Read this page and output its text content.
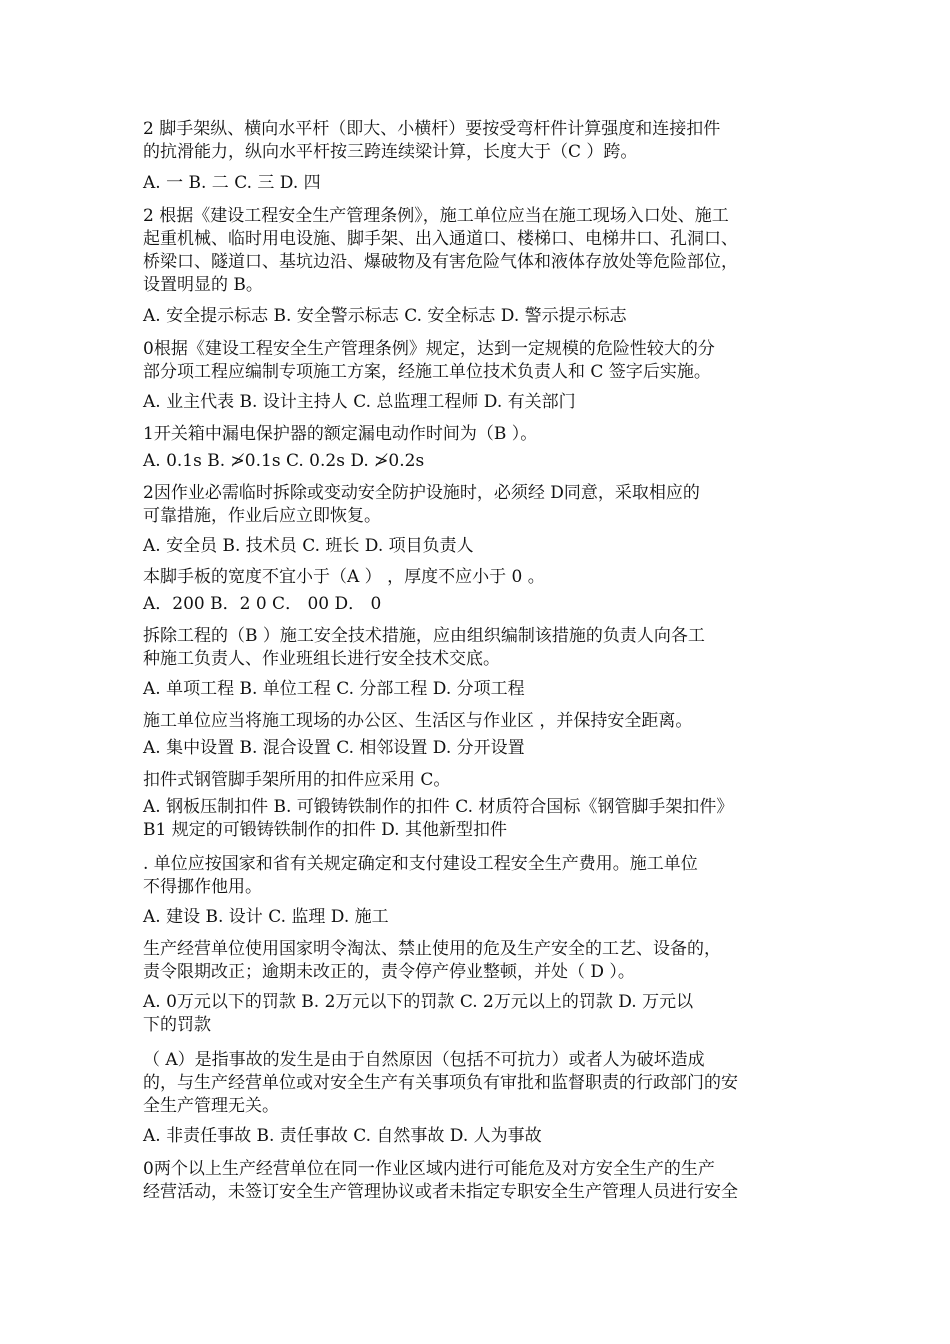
2 脚手架纵、横向水平杆（即大、小横杆）要按受弯杆件计算强度和连接扣件
的抗滑能力，纵向水平杆按三跨连续梁计算，长度大于（C ）跨。
A. 一 B. 二 C. 三 D. 四
2 根据《建设工程安全生产管理条例》，施工单位应当在施工现场入口处、施工
起重机械、临时用电设施、脚手架、出入通道口、楼梯口、电梯井口、孔洞口、
桥梁口、隧道口、基坑边沿、爆破物及有害危险气体和液体存放处等危险部位，
设置明显的 B。
A. 安全提示标志 B. 安全警示标志 C. 安全标志 D. 警示提示标志
0根据《建设工程安全生产管理条例》规定，达到一定规模的危险性较大的分
部分项工程应编制专项施工方案，经施工单位技术负责人和 C 签字后实施。
A. 业主代表 B. 设计主持人 C. 总监理工程师 D. 有关部门
1开关箱中漏电保护器的额定漏电动作时间为（B ）。
A. 0.1s B. ≯0.1s C. 0.2s D. ≯0.2s
2因作业必需临时拆除或变动安全防护设施时，必须经 D同意，采取相应的
可靠措施，作业后应立即恢复。
A. 安全员 B. 技术员 C. 班长 D. 项目负责人
本脚手板的宽度不宜小于（A ） ，厚度不应小于 0 。
A．200 B．2 0 C． 00 D． 0
拆除工程的（B ）施工安全技术措施，应由组织编制该措施的负责人向各工
种施工负责人、作业班组长进行安全技术交底。
A. 单项工程 B. 单位工程 C. 分部工程 D. 分项工程
施工单位应当将施工现场的办公区、生活区与作业区 ，并保持安全距离。
A. 集中设置 B. 混合设置 C. 相邻设置 D. 分开设置
扣件式钢管脚手架所用的扣件应采用 C。
A. 钢板压制扣件 B. 可锻铸铁制作的扣件 C. 材质符合国标《钢管脚手架扣件》
B1 规定的可锻铸铁制作的扣件 D. 其他新型扣件
. 单位应按国家和省有关规定确定和支付建设工程安全生产费用。施工单位
不得挪作他用。
A. 建设 B. 设计 C. 监理 D. 施工
生产经营单位使用国家明令淘汰、禁止使用的危及生产安全的工艺、设备的，
责令限期改正；逾期未改正的，责令停产停业整顿，并处（ D ）。
A. 0万元以下的罚款 B. 2万元以下的罚款 C. 2万元以上的罚款 D. 万元以
下的罚款
（ A）是指事故的发生是由于自然原因（包括不可抗力）或者人为破坏造成
的，与生产经营单位或对安全生产有关事项负有审批和监督职责的行政部门的安
全生产管理无关。
A. 非责任事故 B. 责任事故 C. 自然事故 D. 人为事故
0两个以上生产经营单位在同一作业区域内进行可能危及对方安全生产的生产
经营活动，未签订安全生产管理协议或者未指定专职安全生产管理人员进行安全
